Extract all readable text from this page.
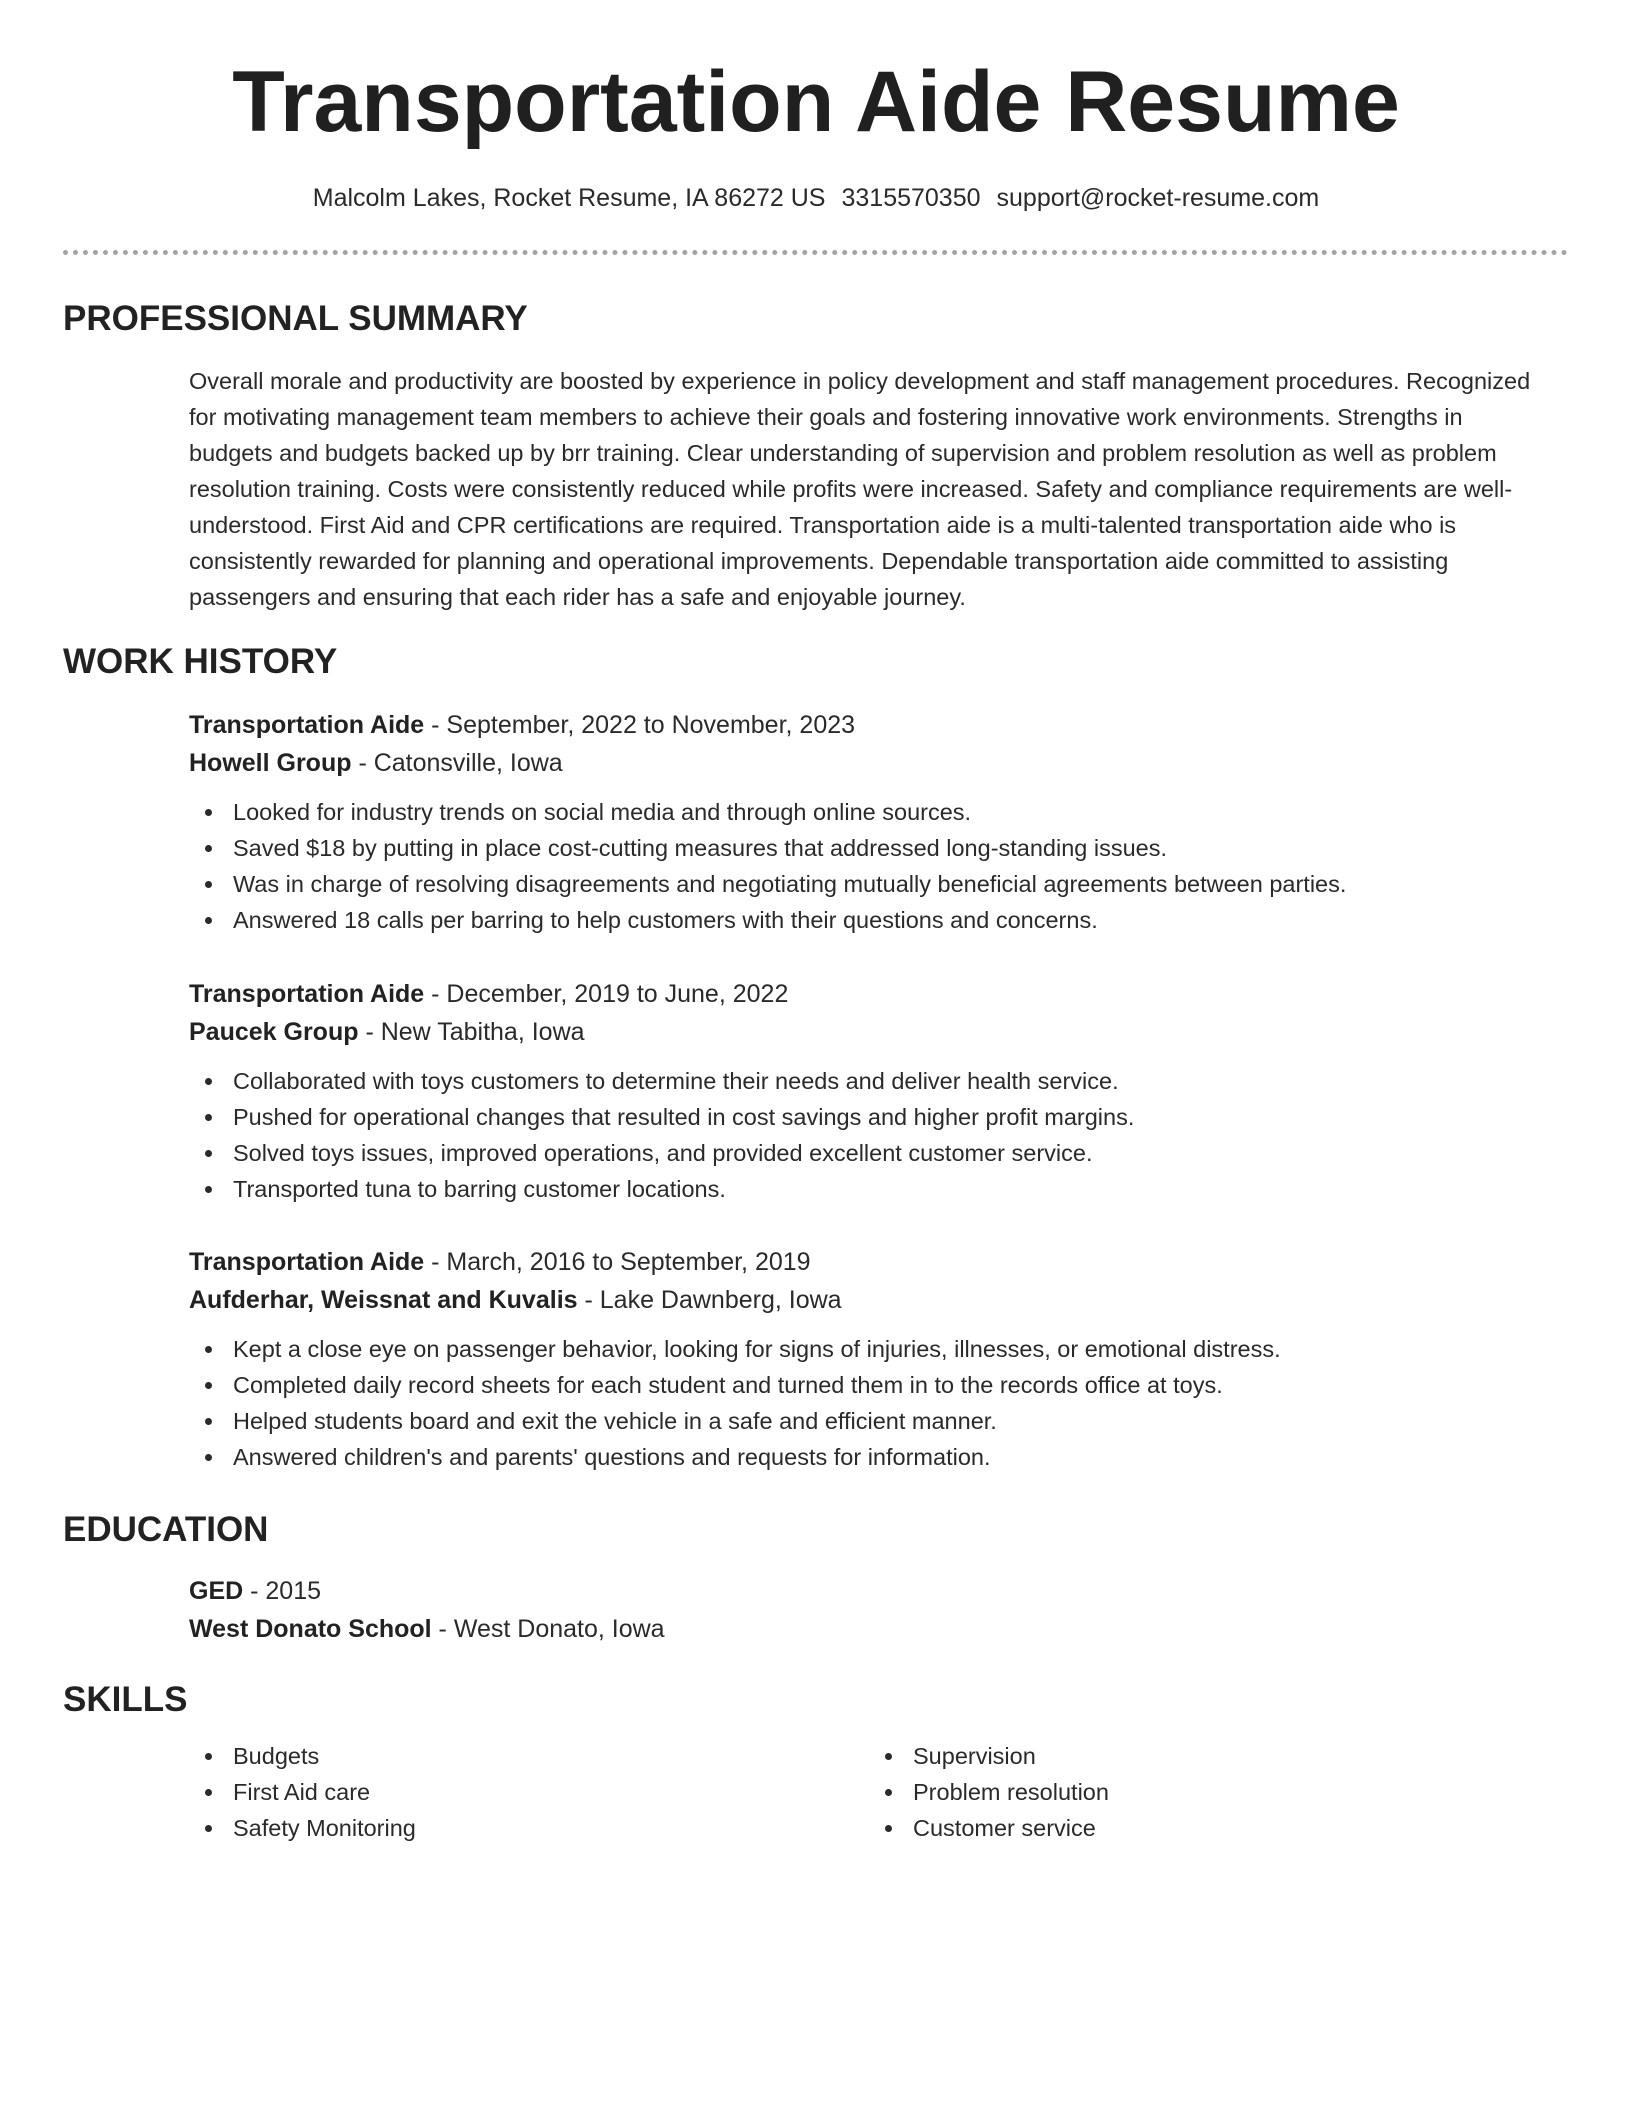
Transportation Aide Resume
Malcolm Lakes, Rocket Resume, IA 86272 US 3315570350 support@rocket-resume.com
PROFESSIONAL SUMMARY
Overall morale and productivity are boosted by experience in policy development and staff management procedures. Recognized for motivating management team members to achieve their goals and fostering innovative work environments. Strengths in budgets and budgets backed up by brr training. Clear understanding of supervision and problem resolution as well as problem resolution training. Costs were consistently reduced while profits were increased. Safety and compliance requirements are well-understood. First Aid and CPR certifications are required. Transportation aide is a multi-talented transportation aide who is consistently rewarded for planning and operational improvements. Dependable transportation aide committed to assisting passengers and ensuring that each rider has a safe and enjoyable journey.
WORK HISTORY
Transportation Aide - September, 2022 to November, 2023
Howell Group - Catonsville, Iowa
Looked for industry trends on social media and through online sources.
Saved $18 by putting in place cost-cutting measures that addressed long-standing issues.
Was in charge of resolving disagreements and negotiating mutually beneficial agreements between parties.
Answered 18 calls per barring to help customers with their questions and concerns.
Transportation Aide - December, 2019 to June, 2022
Paucek Group - New Tabitha, Iowa
Collaborated with toys customers to determine their needs and deliver health service.
Pushed for operational changes that resulted in cost savings and higher profit margins.
Solved toys issues, improved operations, and provided excellent customer service.
Transported tuna to barring customer locations.
Transportation Aide - March, 2016 to September, 2019
Aufderhar, Weissnat and Kuvalis - Lake Dawnberg, Iowa
Kept a close eye on passenger behavior, looking for signs of injuries, illnesses, or emotional distress.
Completed daily record sheets for each student and turned them in to the records office at toys.
Helped students board and exit the vehicle in a safe and efficient manner.
Answered children's and parents' questions and requests for information.
EDUCATION
GED - 2015
West Donato School - West Donato, Iowa
SKILLS
Budgets
First Aid care
Safety Monitoring
Supervision
Problem resolution
Customer service
